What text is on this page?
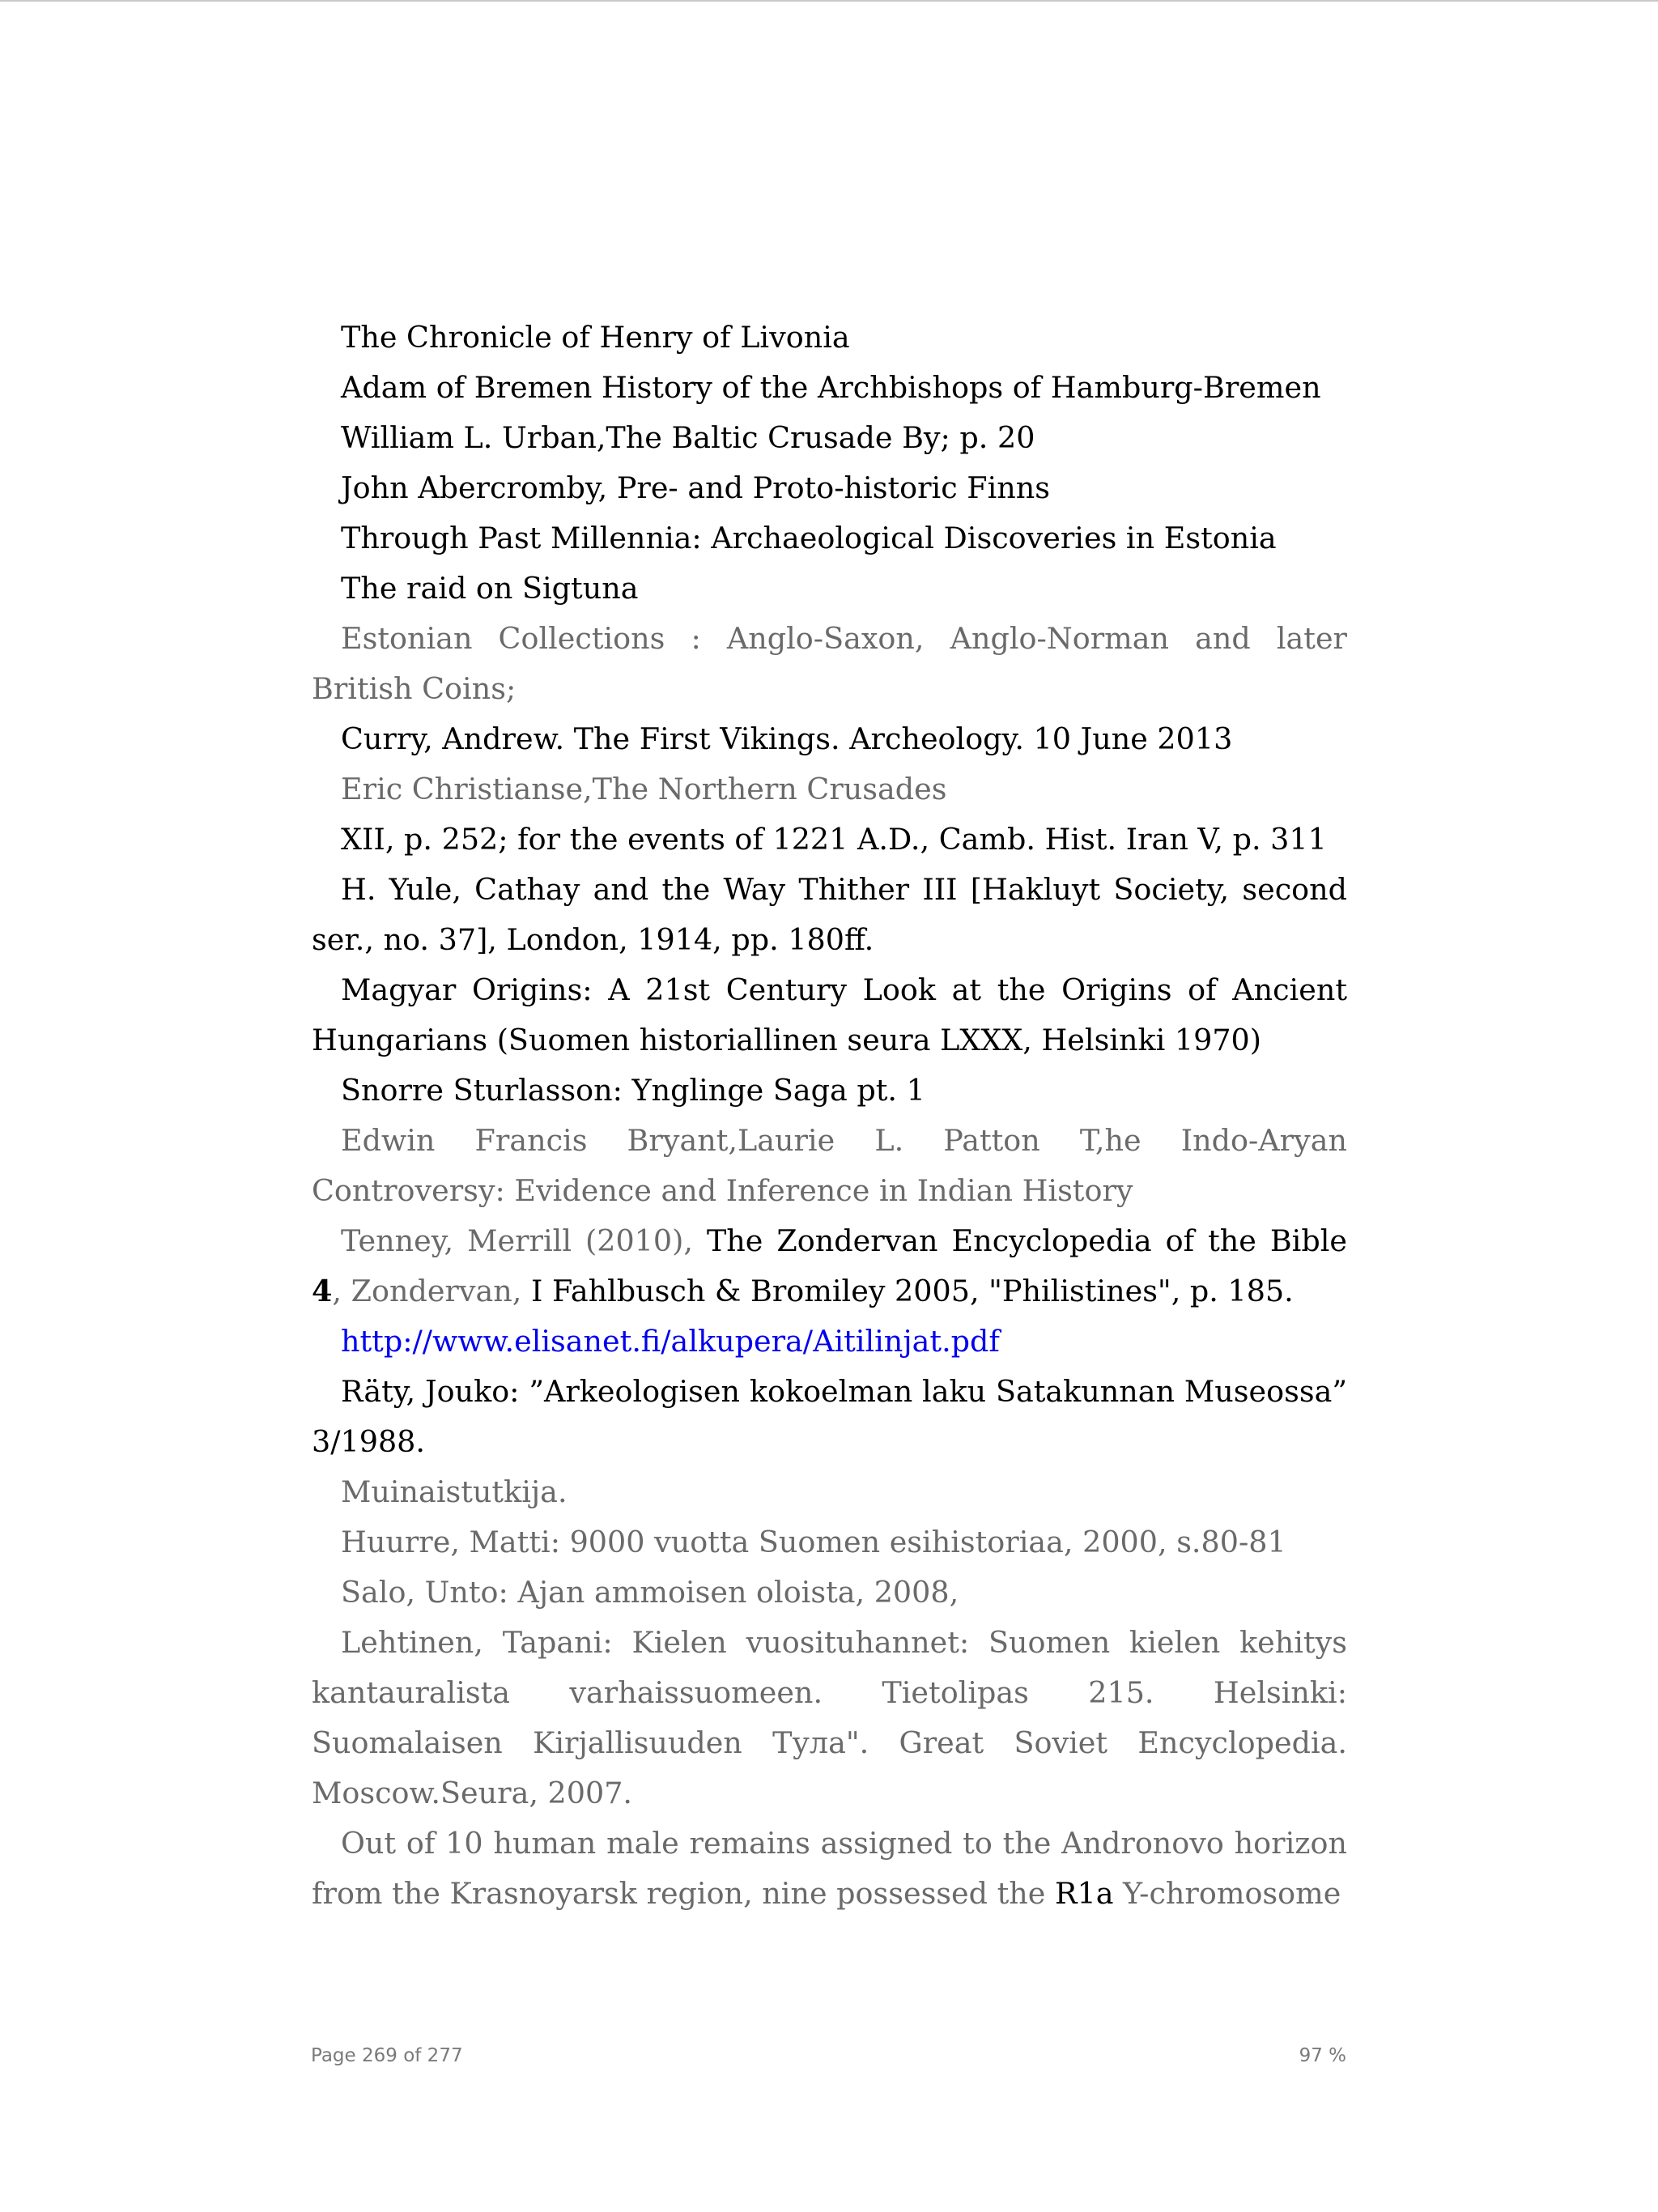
The Chronicle of Henry of Livonia

Adam of Bremen History of the Archbishops of Hamburg-Bremen

William L. Urban,The Baltic Crusade By; p. 20

John Abercromby, Pre- and Proto-historic Finns

Through Past Millennia: Archaeological Discoveries in Estonia

The raid on Sigtuna

Estonian Collections : Anglo-Saxon, Anglo-Norman and later British Coins;

Curry, Andrew. The First Vikings. Archeology. 10 June 2013

Eric Christianse,The Northern Crusades

XII, p. 252; for the events of 1221 A.D., Camb. Hist. Iran V, p. 311

H. Yule, Cathay and the Way Thither III [Hakluyt Society, second ser., no. 37], London, 1914, pp. 180ff.

Magyar Origins: A 21st Century Look at the Origins of Ancient Hungarians (Suomen historiallinen seura LXXX, Helsinki 1970)

Snorre Sturlasson: Ynglinge Saga pt. 1

Edwin Francis Bryant,Laurie L. Patton T,he Indo-Aryan Controversy: Evidence and Inference in Indian History

Tenney, Merrill (2010), The Zondervan Encyclopedia of the Bible 4, Zondervan, I Fahlbusch & Bromiley 2005, "Philistines", p. 185.

http://www.elisanet.fi/alkupera/Aitilinjat.pdf

Räty, Jouko: ”Arkeologisen kokoelman laku Satakunnan Museossa” 3/1988.

Muinaistutkija.

Huurre, Matti: 9000 vuotta Suomen esihistoriaa, 2000, s.80-81

Salo, Unto: Ajan ammoisen oloista, 2008,

Lehtinen, Tapani: Kielen vuosituhannet: Suomen kielen kehitys kantauralista varhaissuomeen. Tietolipas 215. Helsinki: Suomalaisen Kirjallisuuden Тула". Great Soviet Encyclopedia. Moscow.Seura, 2007.

Out of 10 human male remains assigned to the Andronovo horizon from the Krasnoyarsk region, nine possessed the R1a Y-chromosome

Page 269 of 277	97 %
